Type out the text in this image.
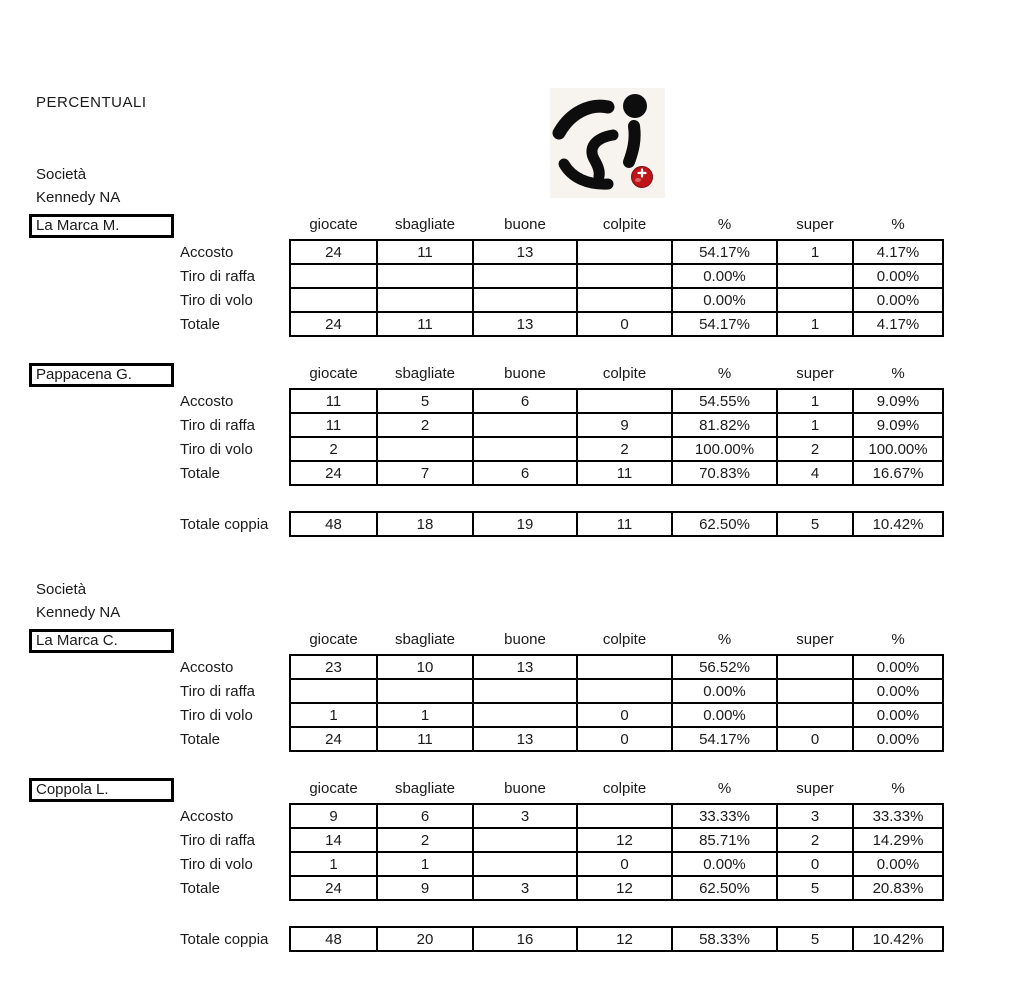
PERCENTUALI
Società
Kennedy NA
La Marca M.	giocate	sbagliate	buone	colpite	%	super	%
Accosto	24	11	13		54.17%	1	4.17%
Tiro di raffa					0.00%		0.00%
Tiro di volo					0.00%		0.00%
Totale	24	11	13	0	54.17%	1	4.17%
Pappacena G.	giocate	sbagliate	buone	colpite	%	super	%
Accosto	11	5	6		54.55%	1	9.09%
Tiro di raffa	11	2		9	81.82%	1	9.09%
Tiro di volo	2			2	100.00%	2	100.00%
Totale	24	7	6	11	70.83%	4	16.67%
Totale coppia	48	18	19	11	62.50%	5	10.42%
Società
Kennedy NA
La Marca C.	giocate	sbagliate	buone	colpite	%	super	%
Accosto	23	10	13		56.52%		0.00%
Tiro di raffa					0.00%		0.00%
Tiro di volo	1	1		0	0.00%		0.00%
Totale	24	11	13	0	54.17%	0	0.00%
Coppola L.	giocate	sbagliate	buone	colpite	%	super	%
Accosto	9	6	3		33.33%	3	33.33%
Tiro di raffa	14	2		12	85.71%	2	14.29%
Tiro di volo	1	1		0	0.00%	0	0.00%
Totale	24	9	3	12	62.50%	5	20.83%
Totale coppia	48	20	16	12	58.33%	5	10.42%
